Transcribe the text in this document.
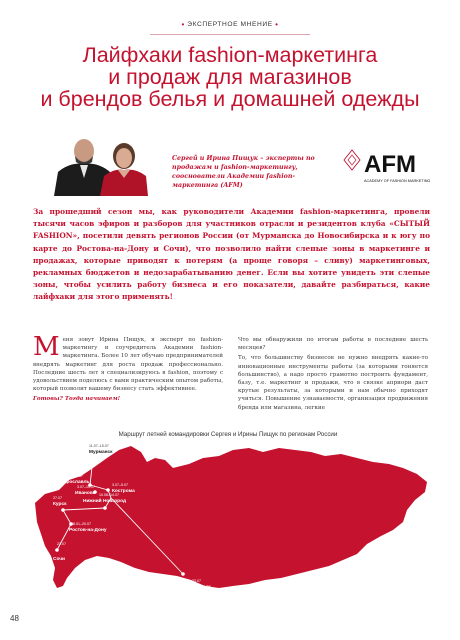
• ЭКСПЕРТНОЕ МНЕНИЕ •
Лайфхаки fashion-маркетинга
и продаж для магазинов
и брендов белья и домашней одежды
Сергей и Ирина Пищук – эксперты по продажам и fashion-маркетингу, сооснователи Академии fashion-маркетинга (AFM)
AFM
ACADEMY OF FASHION MARKETING

За прошедший сезон мы, как руководители Академии fashion-маркетинга, провели тысячи часов эфиров и разборов для участников отрасли и резидентов клуба «СЫТЫЙ FASHION», посетили девять регионов России (от Мурманска до Новосибирска и к югу по карте до Ростова-на-Дону и Сочи), что позволило найти слепые зоны в маркетинге и продажах, которые приводят к потерям (а проще говоря – сливу) маркетинговых, рекламных бюджетов и недозарабатыванию денег. Если вы хотите увидеть эти слепые зоны, чтобы усилить работу бизнеса и его показатели, давайте разбираться, какие лайфхаки для этого применять!

Меня зовут Ирина Пищук, я эксперт по fashion-маркетингу и соучредитель Академии fashion-маркетинга. Более 10 лет обучаю предпринимателей внедрять маркетинг для роста продаж профессионально. Последние шесть лет я специализируюсь в fashion, поэтому с удовольствием поделюсь с вами практическим опытом работы, который позволит вашему бизнесу стать эффективнее.

Готовы? Тогда начинаем!

Что мы обнаружили по итогам работы в последние шесть месяцев?

То, что большинству бизнесов не нужно внедрять какие-то инновационные инструменты работы (за которыми гоняется большинство), а надо просто грамотно построить фундамент, базу, т.е. маркетинг и продажи, что в связке априори даст крутые результаты, за которыми и нам обычно приходят учиться. Повышение узнаваемости, организация продвижения бренда или магазина, легкие

Маршрут летней командировки Сергея и Ирины Пищук по регионам России
Мурманск
11.07–15.07
Ярославль
30.06–3.07
Иваново
3.07–10.07
Кострома
3.07–5.07
Нижний Новгород
10.06–14.07
Курск
27.07
Ростов-на-Дону
28.01–20.07
Сочи
21.07
Новосибирск
14.07–23.07
48
